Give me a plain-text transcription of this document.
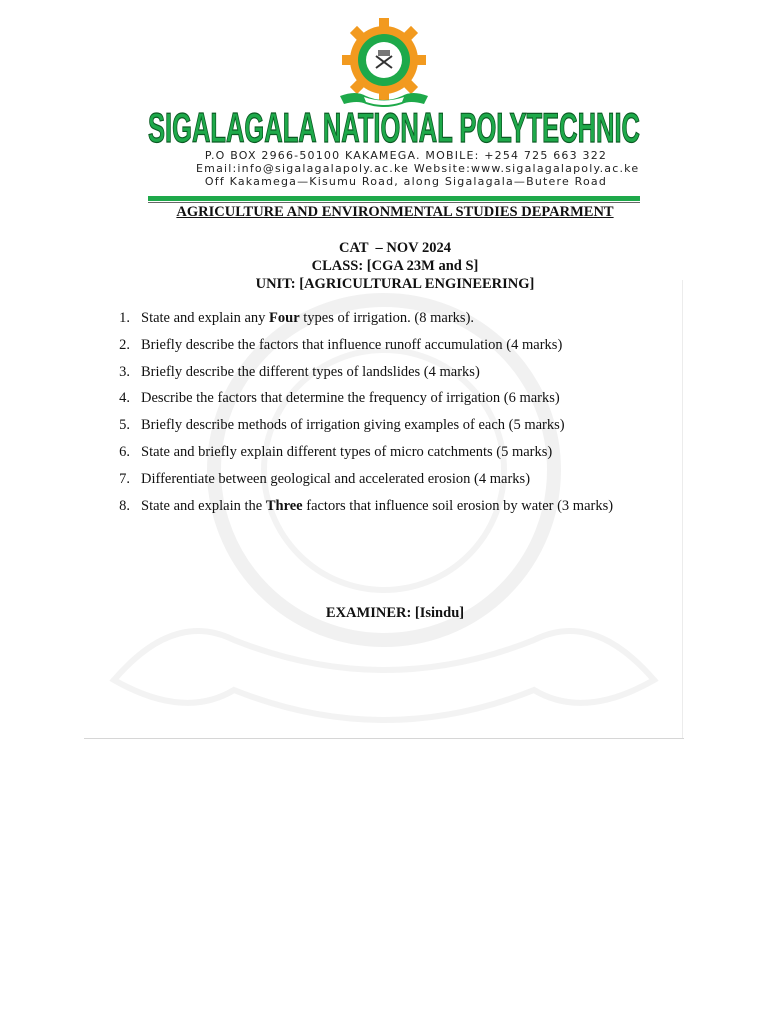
SIGALAGALA NATIONAL POLYTECHNIC
P.O BOX 2966-50100 KAKAMEGA. MOBILE: +254 725 663 322
Email:info@sigalagalapoly.ac.ke Website:www.sigalagalapoly.ac.ke
Off Kakamega—Kisumu Road, along Sigalagala—Butere Road
AGRICULTURE AND ENVIRONMENTAL STUDIES DEPARMENT
CAT  – NOV 2024
CLASS: [CGA 23M and S]
UNIT: [AGRICULTURAL ENGINEERING]
1. State and explain any Four types of irrigation. (8 marks).
2. Briefly describe the factors that influence runoff accumulation (4 marks)
3. Briefly describe the different types of landslides (4 marks)
4. Describe the factors that determine the frequency of irrigation (6 marks)
5. Briefly describe methods of irrigation giving examples of each (5 marks)
6. State and briefly explain different types of micro catchments (5 marks)
7. Differentiate between geological and accelerated erosion (4 marks)
8. State and explain the Three factors that influence soil erosion by water (3 marks)
EXAMINER: [Isindu]
